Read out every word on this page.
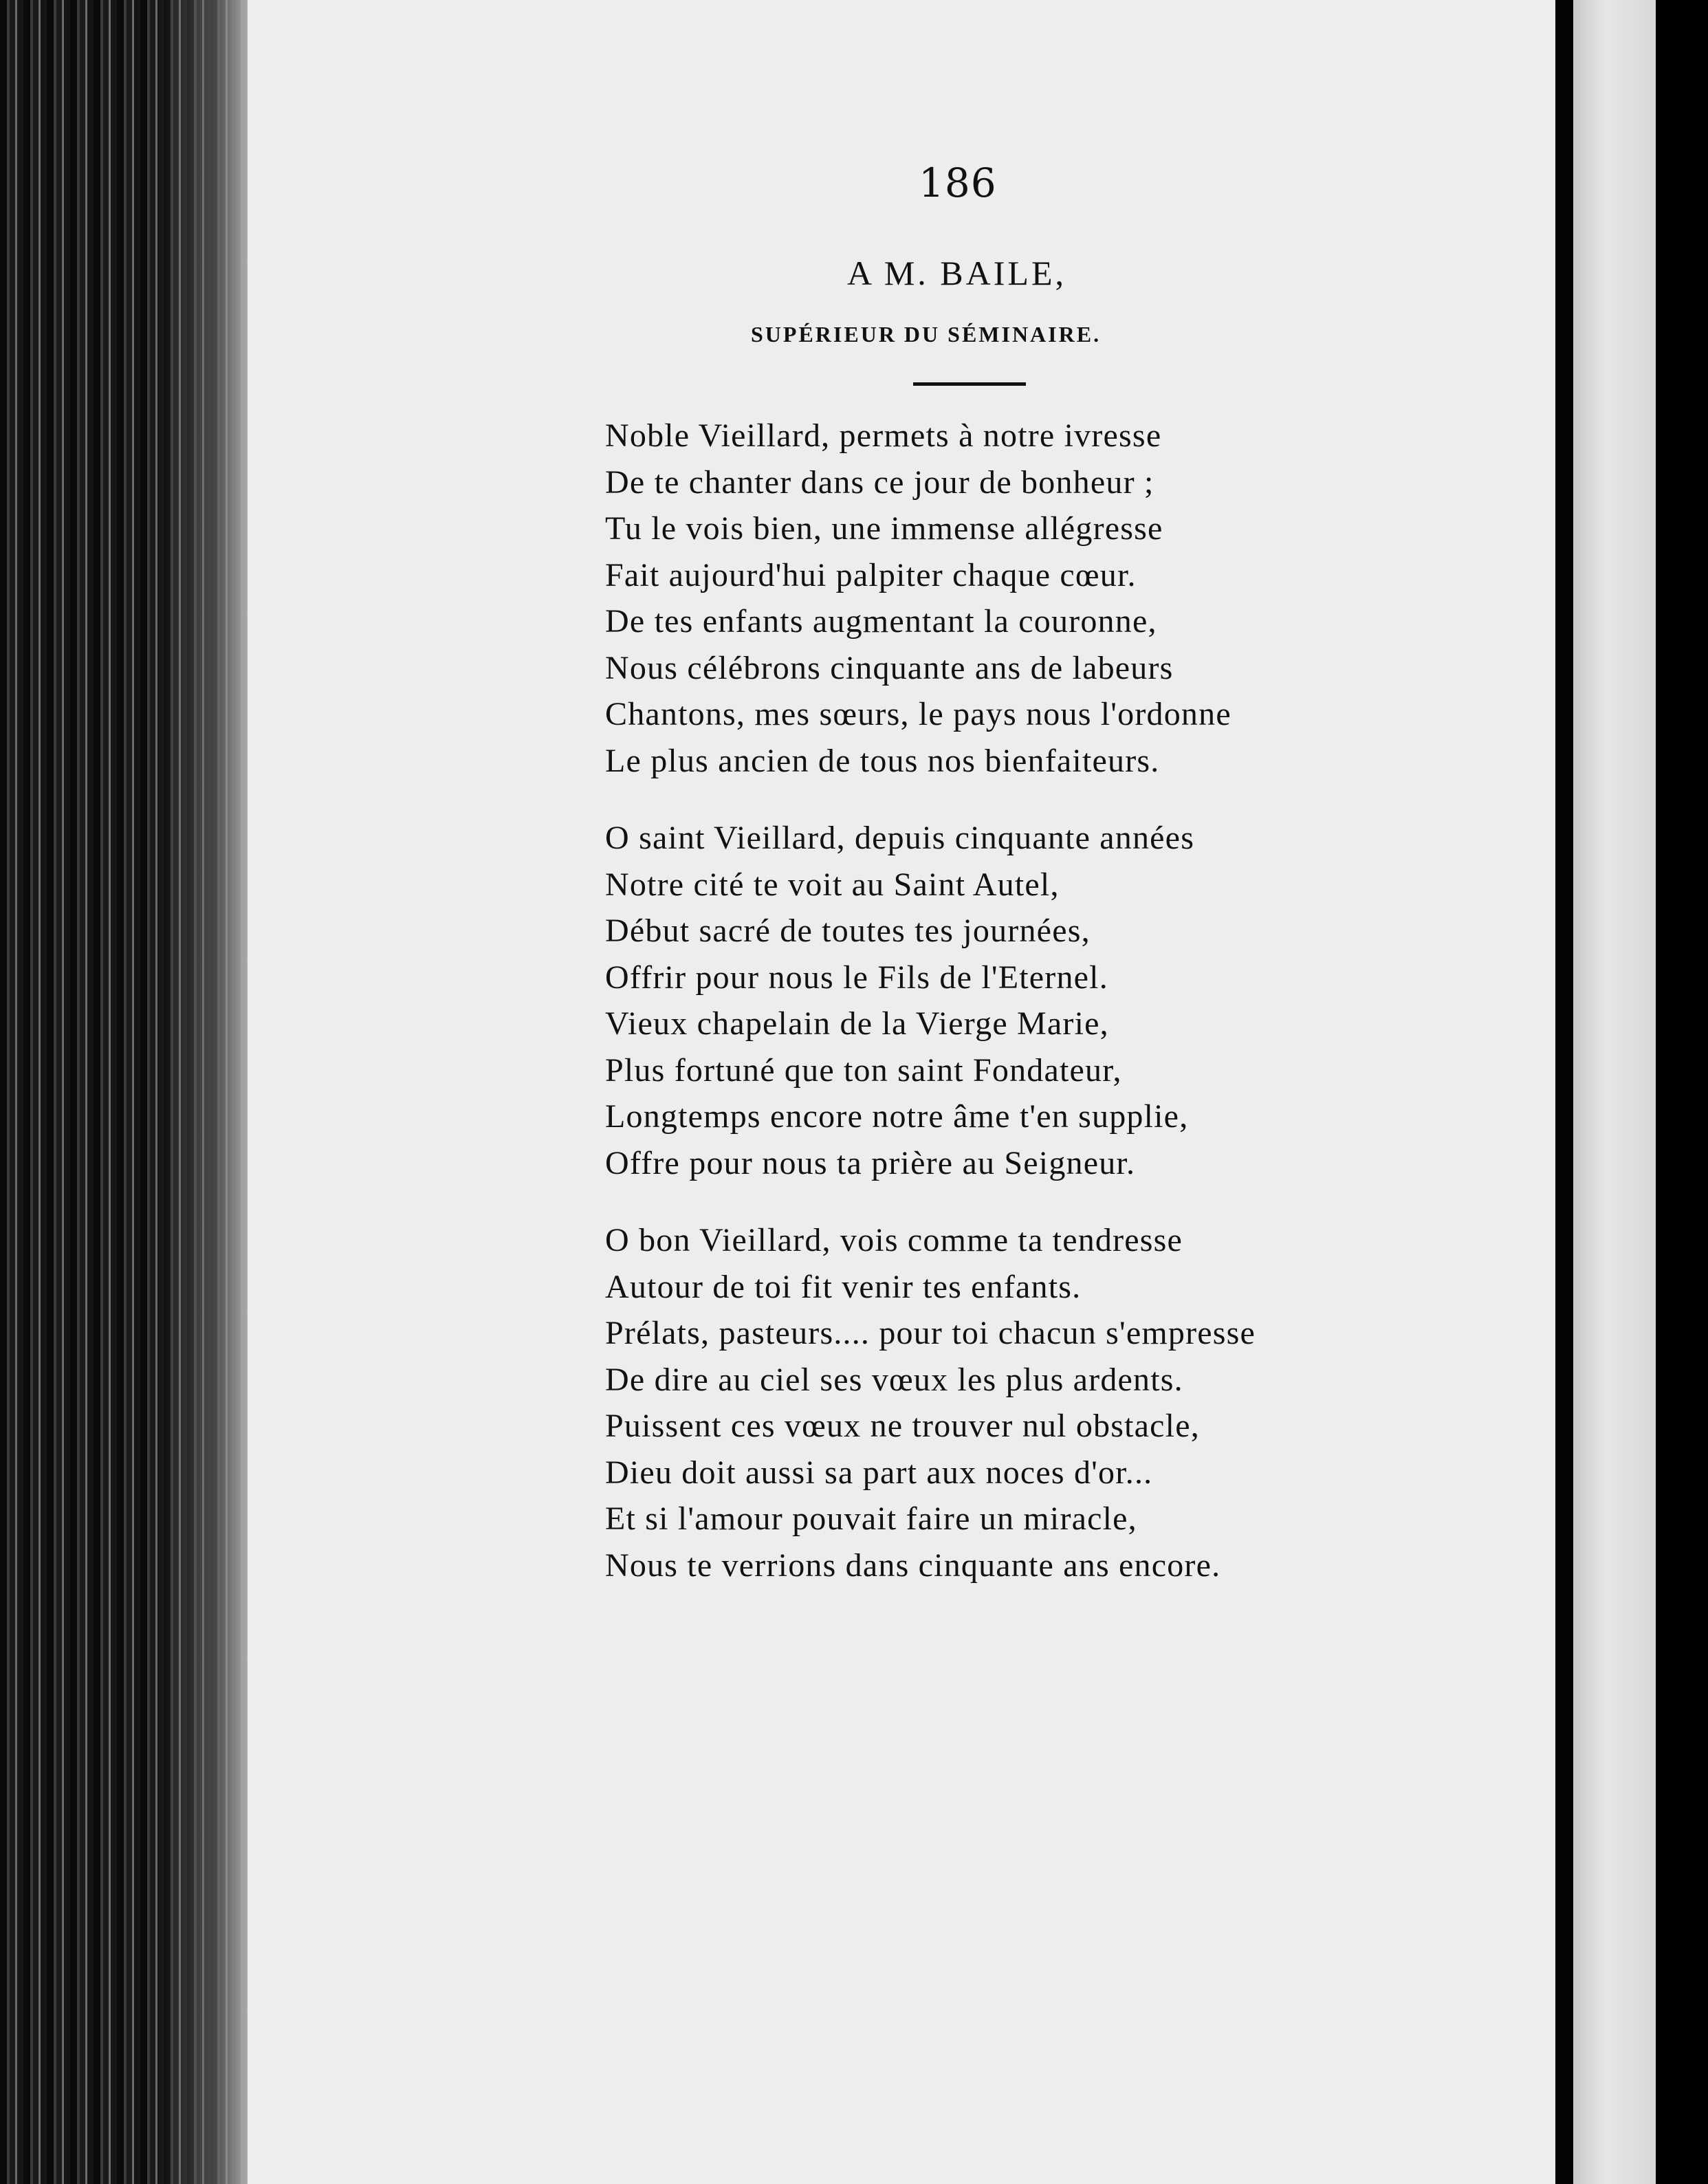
186
A M. BAILE,
SUPÉRIEUR DU SÉMINAIRE.

Noble Vieillard, permets à notre ivresse
De te chanter dans ce jour de bonheur ;
Tu le vois bien, une immense allégresse
Fait aujourd'hui palpiter chaque cœur.
De tes enfants augmentant la couronne,
Nous célébrons cinquante ans de labeurs
Chantons, mes sœurs, le pays nous l'ordonne
Le plus ancien de tous nos bienfaiteurs.

O saint Vieillard, depuis cinquante années
Notre cité te voit au Saint Autel,
Début sacré de toutes tes journées,
Offrir pour nous le Fils de l'Eternel.
Vieux chapelain de la Vierge Marie,
Plus fortuné que ton saint Fondateur,
Longtemps encore notre âme t'en supplie,
Offre pour nous ta prière au Seigneur.

O bon Vieillard, vois comme ta tendresse
Autour de toi fit venir tes enfants.
Prélats, pasteurs.... pour toi chacun s'empresse
De dire au ciel ses vœux les plus ardents.
Puissent ces vœux ne trouver nul obstacle,
Dieu doit aussi sa part aux noces d'or...
Et si l'amour pouvait faire un miracle,
Nous te verrions dans cinquante ans encore.
